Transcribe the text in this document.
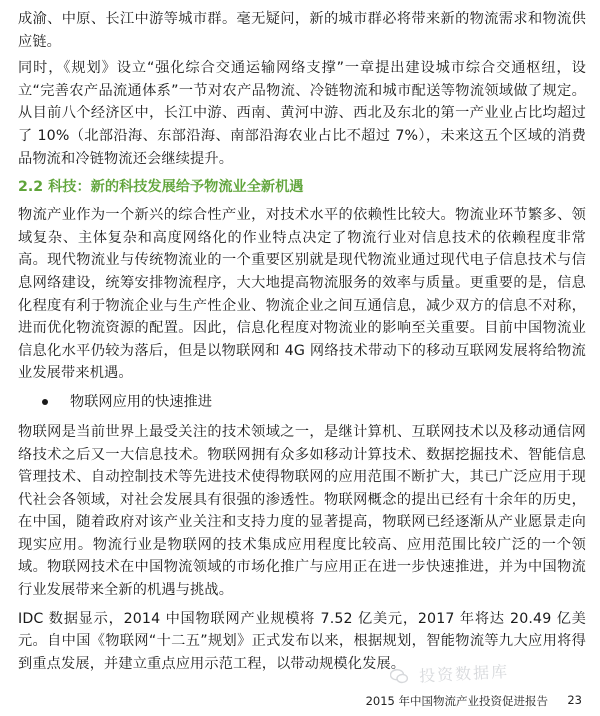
成渝、中原、长江中游等城市群。毫无疑问，新的城市群必将带来新的物流需求和物流供应链。

同时，《规划》设立“强化综合交通运输网络支撑”一章提出建设城市综合交通枢纽，设立“完善农产品流通体系”一节对农产品物流、冷链物流和城市配送等物流领域做了规定。从目前八个经济区中，长江中游、西南、黄河中游、西北及东北的第一产业业占比均超过了 10%（北部沿海、东部沿海、南部沿海农业占比不超过 7%），未来这五个区域的消费品物流和冷链物流还会继续提升。

2.2 科技：新的科技发展给予物流业全新机遇

物流产业作为一个新兴的综合性产业，对技术水平的依赖性比较大。物流业环节繁多、领域复杂、主体复杂和高度网络化的作业特点决定了物流行业对信息技术的依赖程度非常高。现代物流业与传统物流业的一个重要区别就是现代物流业通过现代电子信息技术与信息网络建设，统筹安排物流程序，大大地提高物流服务的效率与质量。更重要的是，信息化程度有利于物流企业与生产性企业、物流企业之间互通信息，减少双方的信息不对称，进而优化物流资源的配置。因此，信息化程度对物流业的影响至关重要。目前中国物流业信息化水平仍较为落后，但是以物联网和 4G 网络技术带动下的移动互联网发展将给物流业发展带来机遇。

物联网应用的快速推进

物联网是当前世界上最受关注的技术领域之一，是继计算机、互联网技术以及移动通信网络技术之后又一大信息技术。物联网拥有众多如移动计算技术、数据挖掘技术、智能信息管理技术、自动控制技术等先进技术使得物联网的应用范围不断扩大，其已广泛应用于现代社会各领域，对社会发展具有很强的渗透性。物联网概念的提出已经有十余年的历史，在中国，随着政府对该产业关注和支持力度的显著提高，物联网已经逐渐从产业愿景走向现实应用。物流行业是物联网的技术集成应用程度比较高、应用范围比较广泛的一个领域。物联网技术在中国物流领域的市场化推广与应用正在进一步快速推进，并为中国物流行业发展带来全新的机遇与挑战。

IDC 数据显示，2014 中国物联网产业规模将 7.52 亿美元，2017 年将达 20.49 亿美元。自中国《物联网“十二五”规划》正式发布以来，根据规划，智能物流等九大应用将得到重点发展，并建立重点应用示范工程，以带动规模化发展。 投资数据库
2015 年中国物流产业投资促进报告 23
